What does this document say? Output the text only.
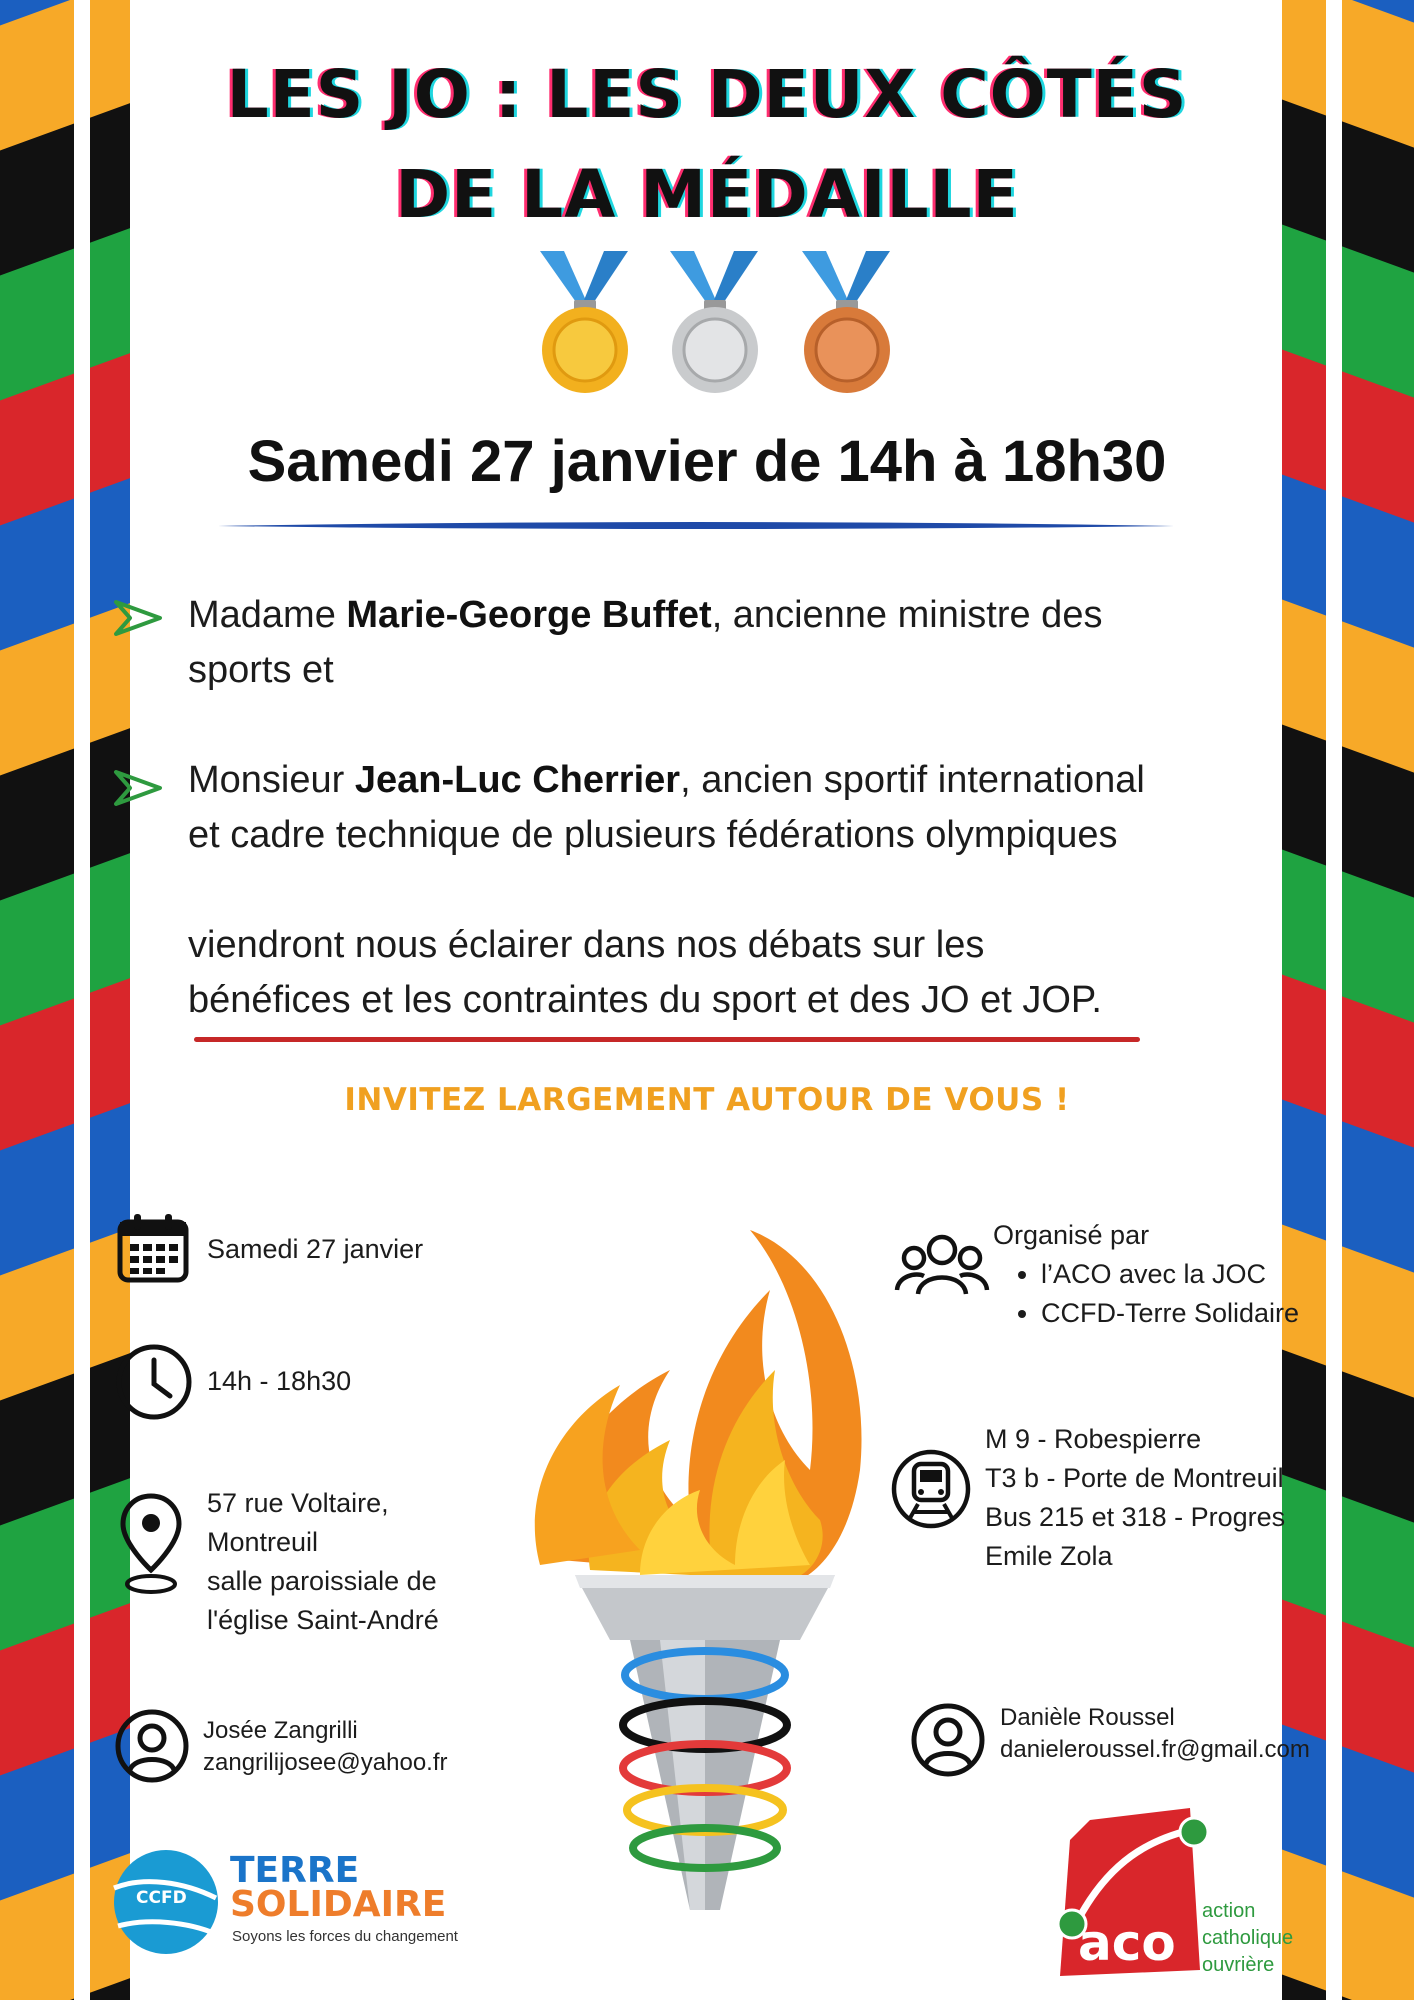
LES JO : LES DEUX CÔTÉS
DE LA MÉDAILLE
Samedi 27 janvier de 14h à 18h30
Madame Marie-George Buffet, ancienne ministre des
sports et
Monsieur Jean-Luc Cherrier, ancien sportif international
et cadre technique de plusieurs fédérations olympiques
viendront nous éclairer dans nos débats sur les
bénéfices et les contraintes du sport et des JO et JOP.
INVITEZ LARGEMENT AUTOUR DE VOUS !
Samedi 27 janvier
14h - 18h30
57 rue Voltaire,
Montreuil
salle paroissiale de
l'église Saint-André
Josée Zangrilli
zangrilijosee@yahoo.fr
Organisé par
• l’ACO avec la JOC
• CCFD-Terre Solidaire
M 9 - Robespierre
T3 b - Porte de Montreuil
Bus 215 et 318 - Progres
Emile Zola
Danièle Roussel
danieleroussel.fr@gmail.com
CCFD
TERRE
SOLIDAIRE
Soyons les forces du changement	aco
action
catholique
ouvrière
